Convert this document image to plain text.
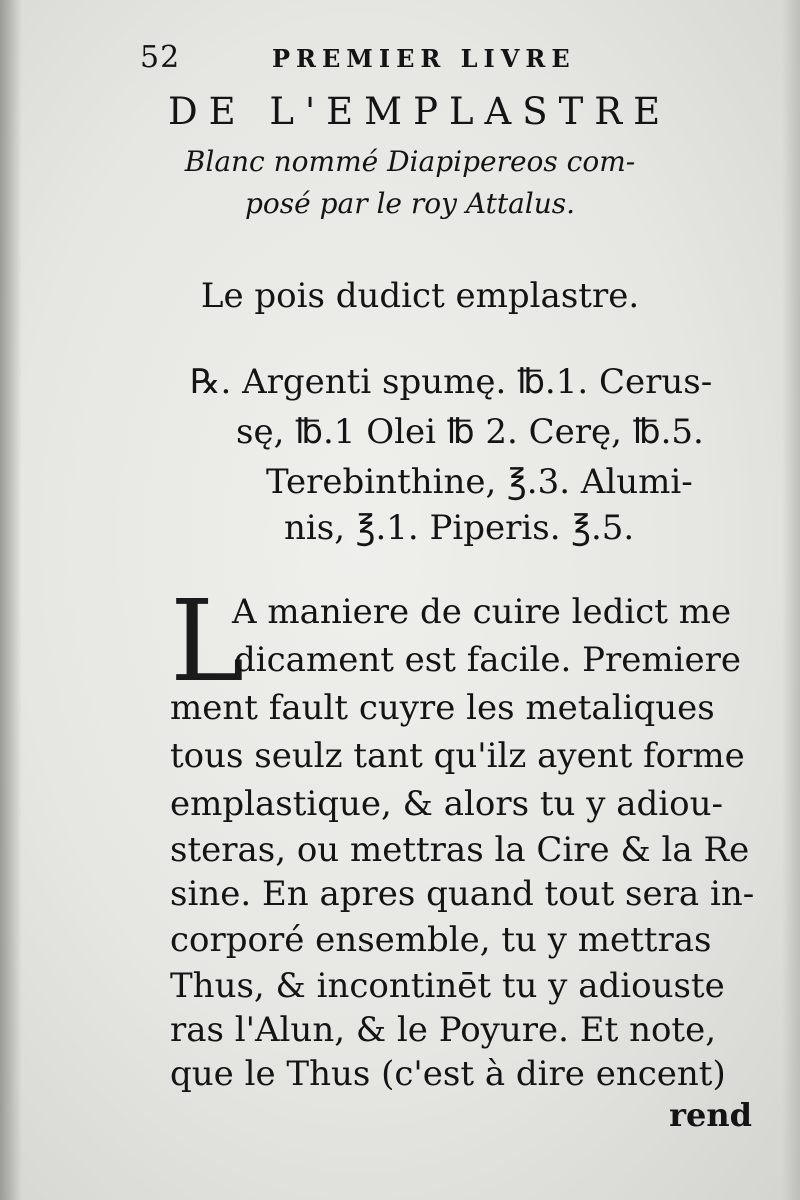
52	PREMIER LIVRE
DE L'EMPLASTRE
Blanc nommé Diapipereos com-
posé par le roy Attalus.
Le pois dudict emplastre.
℞. Argenti spumę. ℔.1. Cerus-
sę, ℔.1 Olei ℔ 2. Cerę, ℔.5.
Terebinthine, ℥.3. Alumi-
nis, ℥.1. Piperis. ℥.5.
L
A maniere de cuire ledict me
dicament est facile. Premiere
ment fault cuyre les metaliques
tous seulz tant qu'ilz ayent forme
emplastique, & alors tu y adiou-
steras, ou mettras la Cire & la Re
sine. En apres quand tout sera in-
corporé ensemble, tu y mettras
Thus, & incontinēt tu y adiouste
ras l'Alun, & le Poyure. Et note,
que le Thus (c'est à dire encent)
rend
